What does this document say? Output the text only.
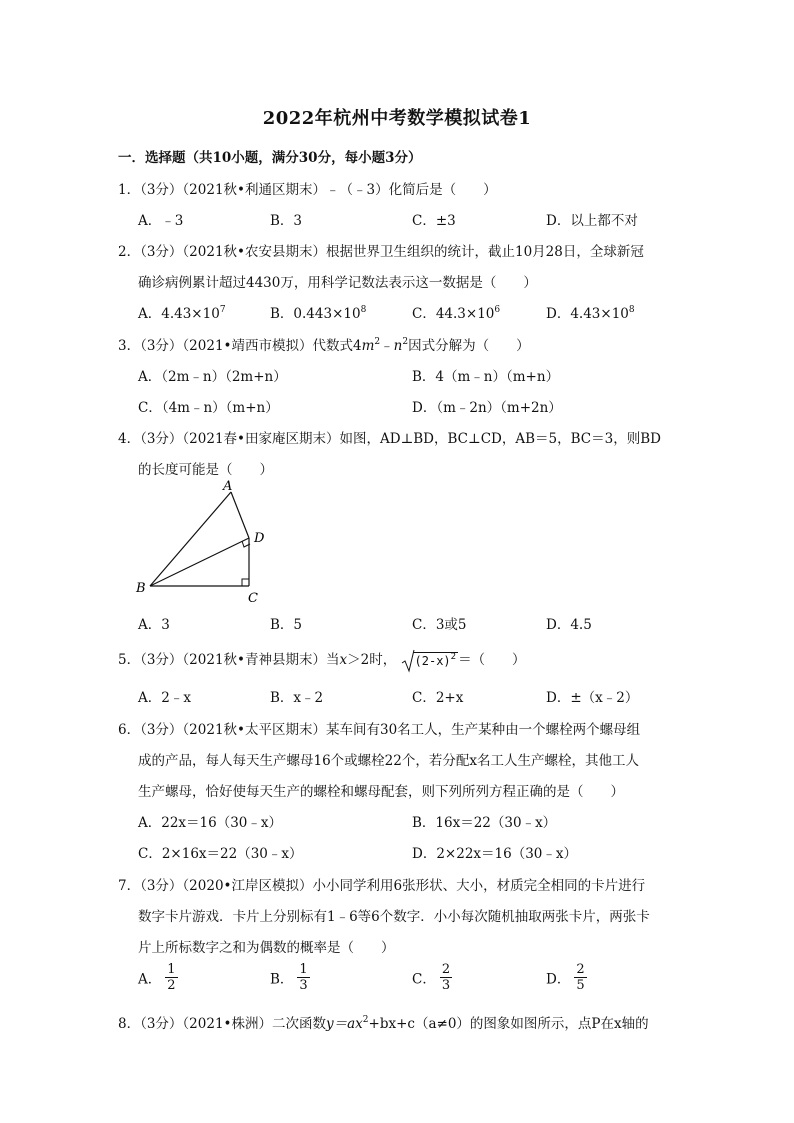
2022年杭州中考数学模拟试卷1
一．选择题（共10小题，满分30分，每小题3分）
1．（3分）（2021秋•利通区期末）﹣（﹣3）化简后是（　　）
A．﹣3	B．3	C．±3	D．以上都不对
2．（3分）（2021秋•农安县期末）根据世界卫生组织的统计，截止10月28日，全球新冠
确诊病例累计超过4430万，用科学记数法表示这一数据是（　　）
A．$4.43\times 10^7$	B．$0.443\times 10^8$	C．$44.3\times 10^6$	D．$4.43\times 10^8$
3．（3分）（2021•靖西市模拟）代数式$4m^2﹣n^2$因式分解为（　　）
A．（2m﹣n）（2m+n）	B．4（m﹣n）（m+n）
C．（4m﹣n）（m+n）	D．（m﹣2n）（m+2n）
4．（3分）（2021春•田家庵区期末）如图，AD⊥BD，BC⊥CD，AB＝5，BC＝3，则BD
的长度可能是（　　）
A
B
C
D
A．3	B．5	C．3或5	D．4.5
5．（3分）（2021秋•青神县期末）当x＞2时， $(2-x)^2$ ＝（　　）
A．2﹣x	B．x﹣2	C．2+x	D．±（x﹣2）
6．（3分）（2021秋•太平区期末）某车间有30名工人，生产某种由一个螺栓两个螺母组
成的产品，每人每天生产螺母16个或螺栓22个，若分配x名工人生产螺栓，其他工人
生产螺母，恰好使每天生产的螺栓和螺母配套，则下列所列方程正确的是（　　）
A．22x＝16（30﹣x）	B．16x＝22（30﹣x）
C．2×16x＝22（30﹣x）	D．2×22x＝16（30﹣x）
7．（3分）（2020•江岸区模拟）小小同学利用6张形状、大小，材质完全相同的卡片进行
数字卡片游戏．卡片上分别标有1﹣6等6个数字．小小每次随机抽取两张卡片，两张卡
片上所标数字之和为偶数的概率是（　　）
A． $\frac{1}{2}$	B． $\frac{1}{3}$	C． $\frac{2}{3}$	D． $\frac{2}{5}$
8．（3分）（2021•株洲）二次函数$y=ax^2+bx+c(a\ne 0)$的图象如图所示，点P在x轴的
